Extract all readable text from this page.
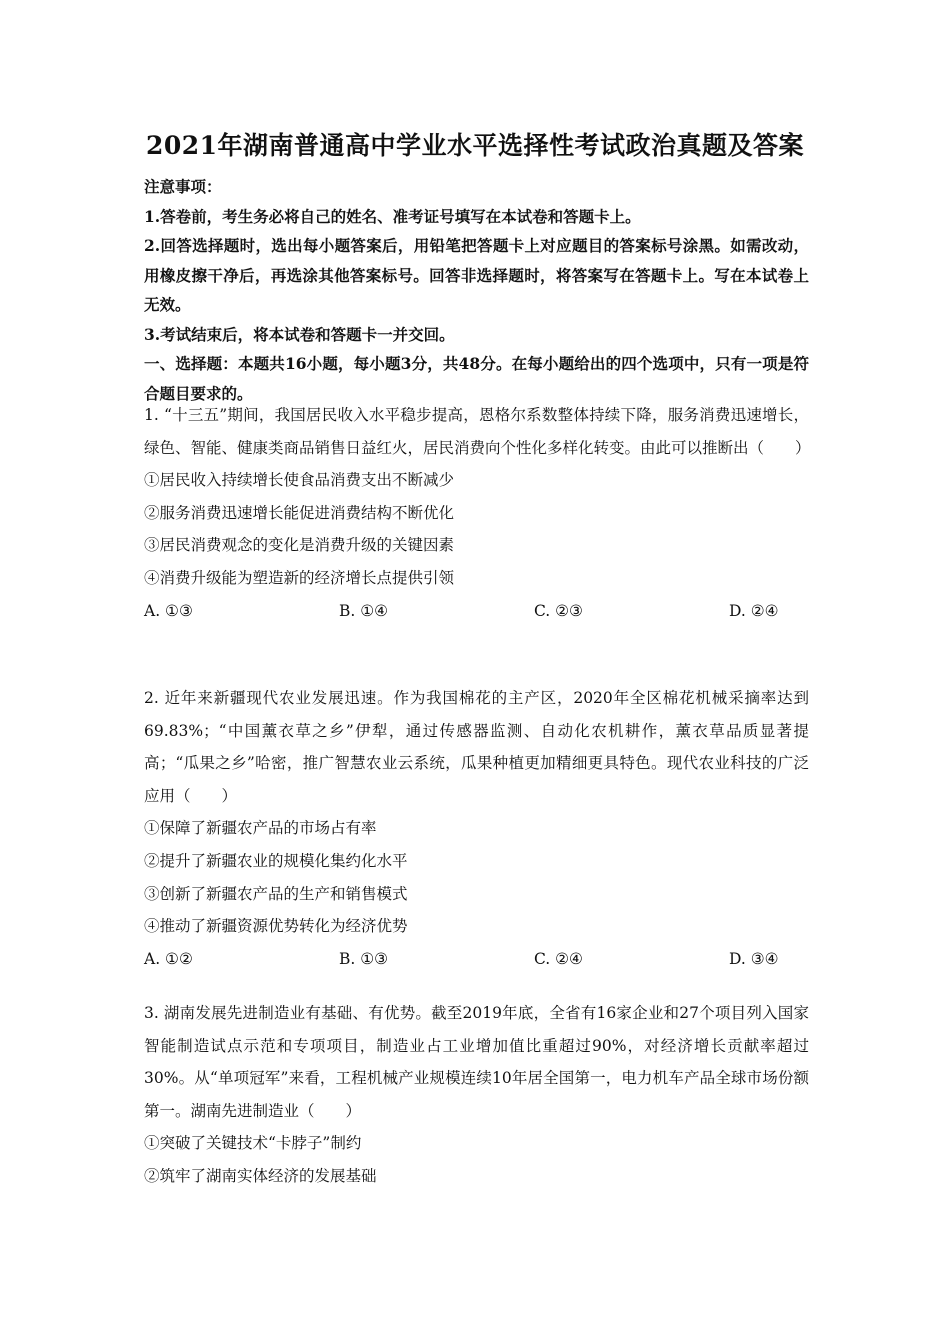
2021年湖南普通高中学业水平选择性考试政治真题及答案

注意事项：

1.答卷前，考生务必将自己的姓名、准考证号填写在本试卷和答题卡上。

2.回答选择题时，选出每小题答案后，用铅笔把答题卡上对应题目的答案标号涂黑。如需改动，用橡皮擦干净后，再选涂其他答案标号。回答非选择题时，将答案写在答题卡上。写在本试卷上无效。

3.考试结束后，将本试卷和答题卡一并交回。

一、选择题：本题共16小题，每小题3分，共48分。在每小题给出的四个选项中，只有一项是符合题目要求的。

1. “十三五”期间，我国居民收入水平稳步提高，恩格尔系数整体持续下降，服务消费迅速增长，绿色、智能、健康类商品销售日益红火，居民消费向个性化多样化转变。由此可以推断出（　　）

①居民收入持续增长使食品消费支出不断减少

②服务消费迅速增长能促进消费结构不断优化

③居民消费观念的变化是消费升级的关键因素

④消费升级能为塑造新的经济增长点提供引领

A. ①③	B. ①④	C. ②③	D. ②④

2. 近年来新疆现代农业发展迅速。作为我国棉花的主产区，2020年全区棉花机械采摘率达到69.83%；“中国薰衣草之乡”伊犁，通过传感器监测、自动化农机耕作，薰衣草品质显著提高；“瓜果之乡”哈密，推广智慧农业云系统，瓜果种植更加精细更具特色。现代农业科技的广泛应用（　　）

①保障了新疆农产品的市场占有率

②提升了新疆农业的规模化集约化水平

③创新了新疆农产品的生产和销售模式

④推动了新疆资源优势转化为经济优势

A. ①②	B. ①③	C. ②④	D. ③④

3. 湖南发展先进制造业有基础、有优势。截至2019年底，全省有16家企业和27个项目列入国家智能制造试点示范和专项项目，制造业占工业增加值比重超过90%，对经济增长贡献率超过30%。从“单项冠军”来看，工程机械产业规模连续10年居全国第一，电力机车产品全球市场份额第一。湖南先进制造业（　　）

①突破了关键技术“卡脖子”制约

②筑牢了湖南实体经济的发展基础
